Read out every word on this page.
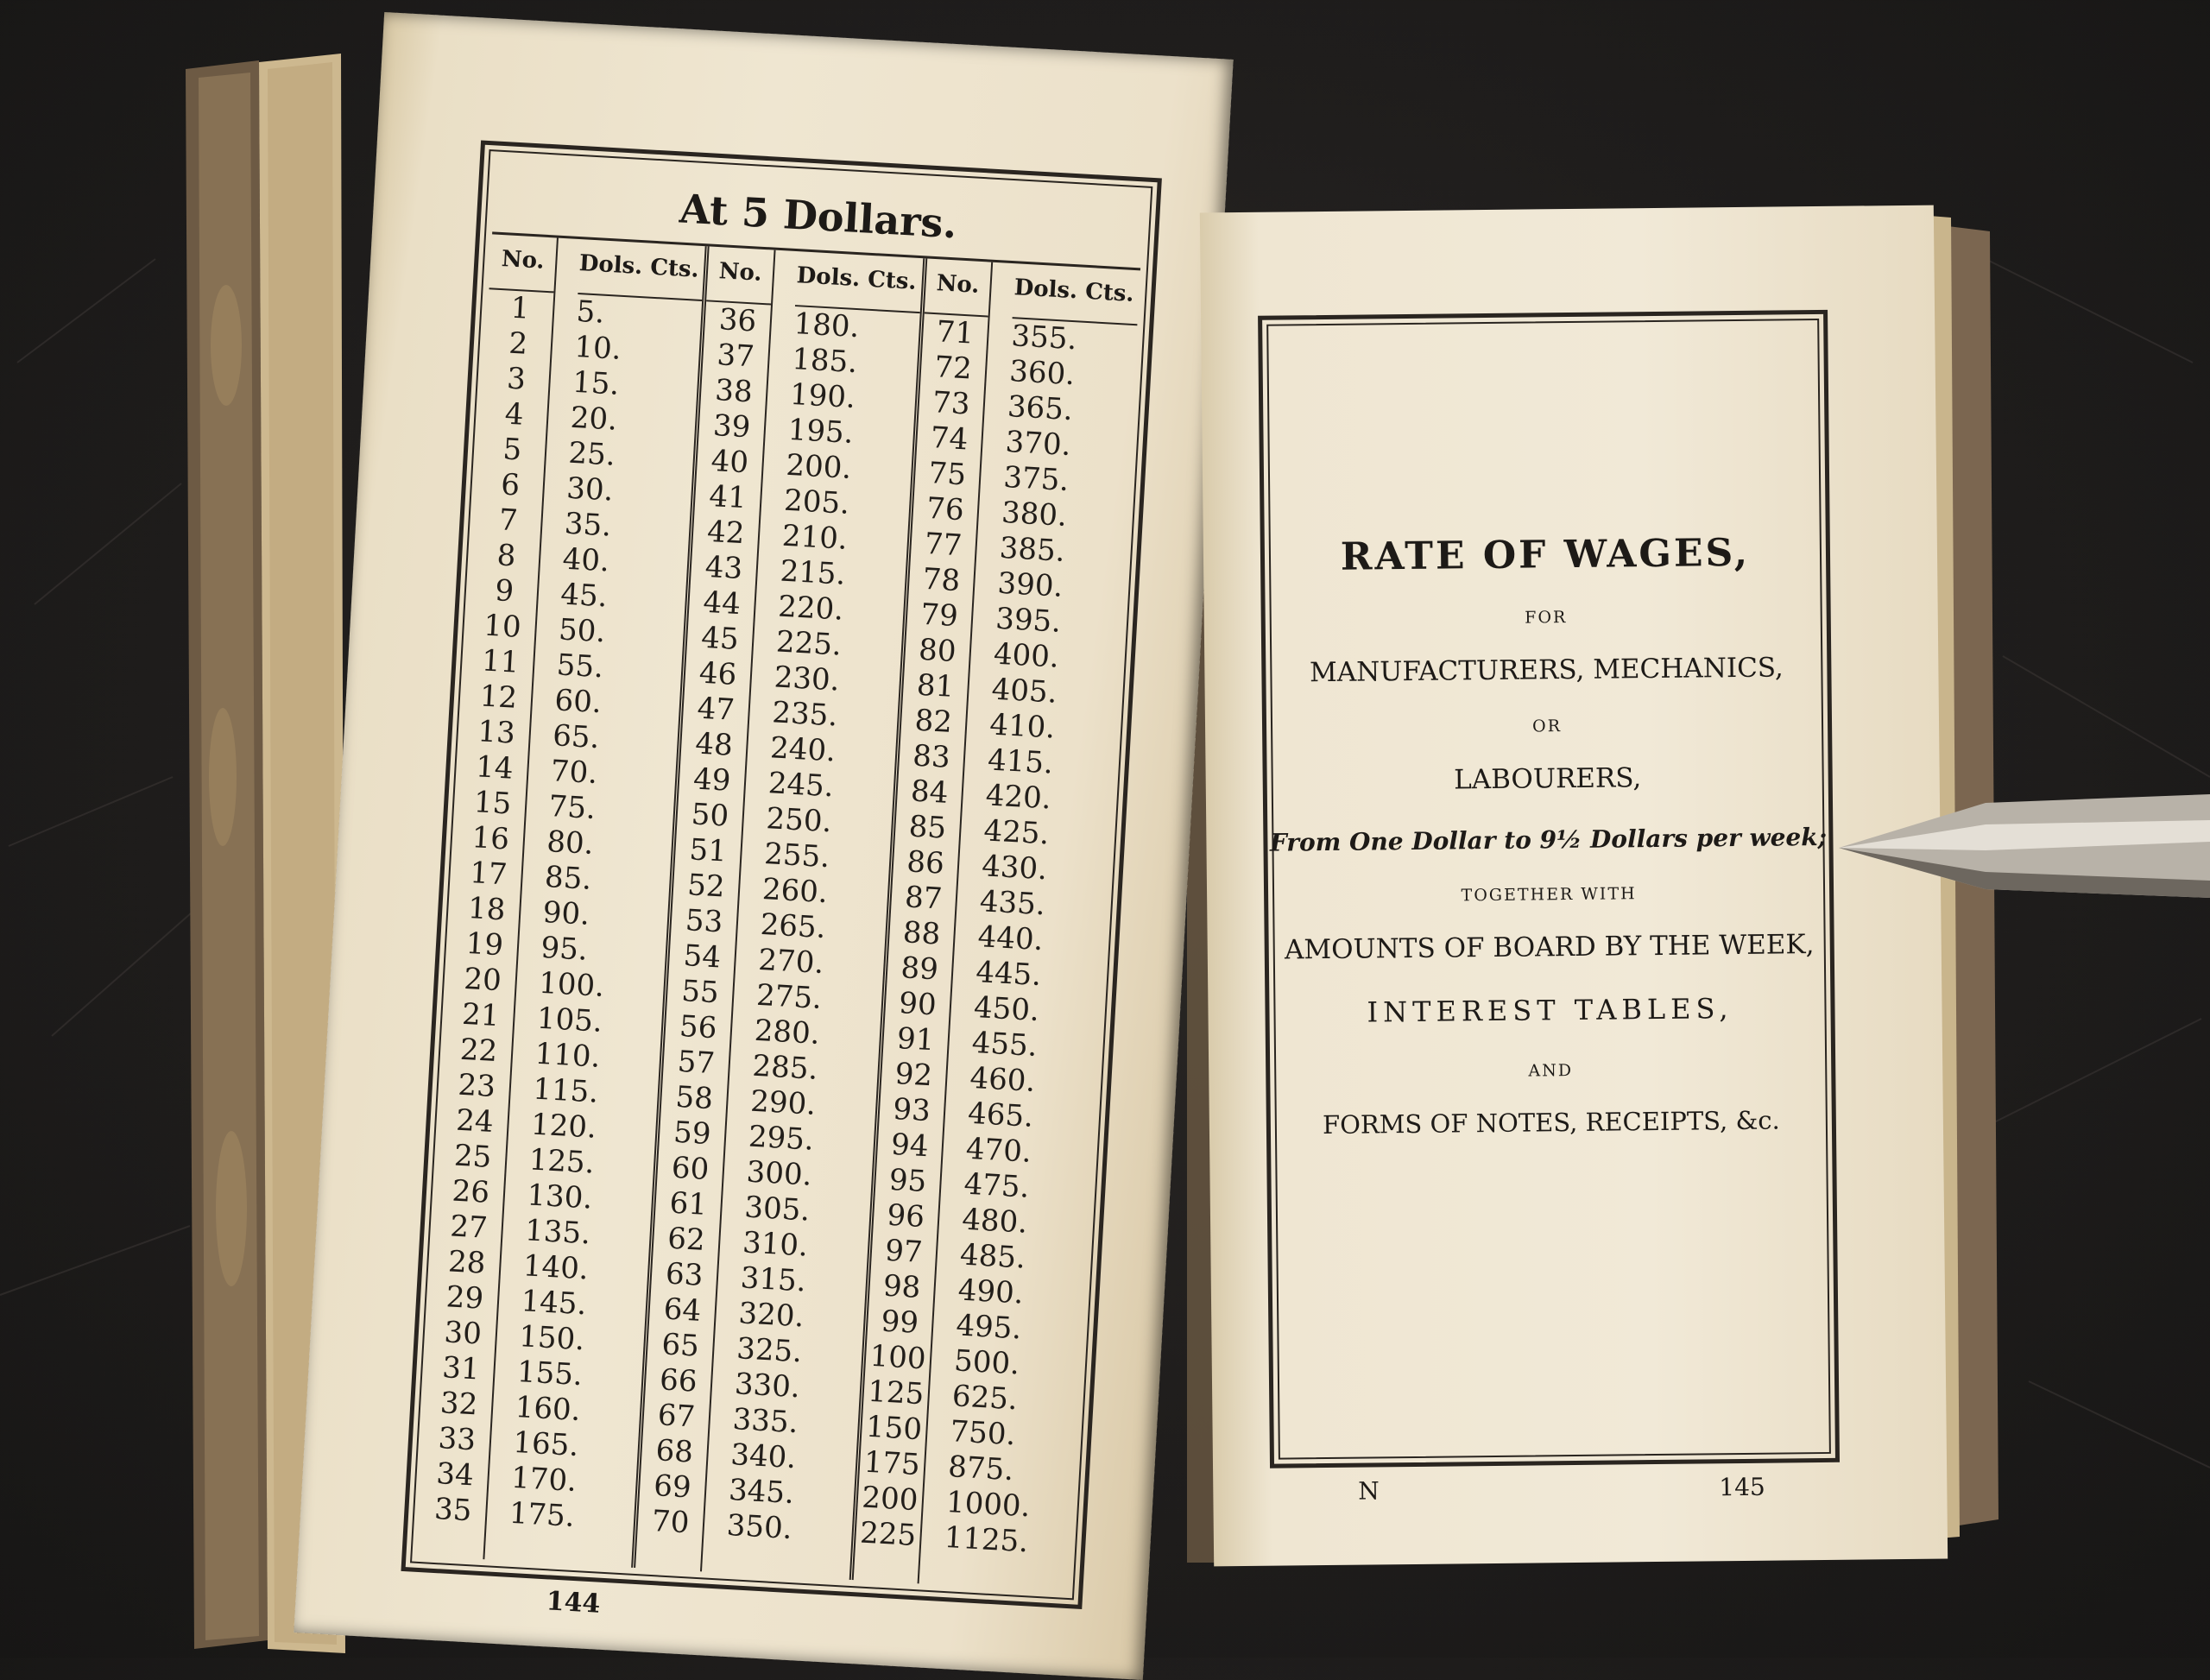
At 5 Dollars.
No.
1
2
3
4
5
6
7
8
9
10
11
12
13
14
15
16
17
18
19
20
21
22
23
24
25
26
27
28
29
30
31
32
33
34
35
Dols. Cts.
5.
10.
15.
20.
25.
30.
35.
40.
45.
50.
55.
60.
65.
70.
75.
80.
85.
90.
95.
100.
105.
110.
115.
120.
125.
130.
135.
140.
145.
150.
155.
160.
165.
170.
175.
No.
36
37
38
39
40
41
42
43
44
45
46
47
48
49
50
51
52
53
54
55
56
57
58
59
60
61
62
63
64
65
66
67
68
69
70
Dols. Cts.
180.
185.
190.
195.
200.
205.
210.
215.
220.
225.
230.
235.
240.
245.
250.
255.
260.
265.
270.
275.
280.
285.
290.
295.
300.
305.
310.
315.
320.
325.
330.
335.
340.
345.
350.
No.
71
72
73
74
75
76
77
78
79
80
81
82
83
84
85
86
87
88
89
90
91
92
93
94
95
96
97
98
99
100
125
150
175
200
225
Dols. Cts.
355.
360.
365.
370.
375.
380.
385.
390.
395.
400.
405.
410.
415.
420.
425.
430.
435.
440.
445.
450.
455.
460.
465.
470.
475.
480.
485.
490.
495.
500.
625.
750.
875.
1000.
1125.
144
RATE OF WAGES,
FOR
MANUFACTURERS, MECHANICS,
OR
LABOURERS,
From One Dollar to 9½ Dollars per week;
TOGETHER WITH
AMOUNTS OF BOARD BY THE WEEK,
INTEREST TABLES,
AND
FORMS OF NOTES, RECEIPTS, &c.
N	145
